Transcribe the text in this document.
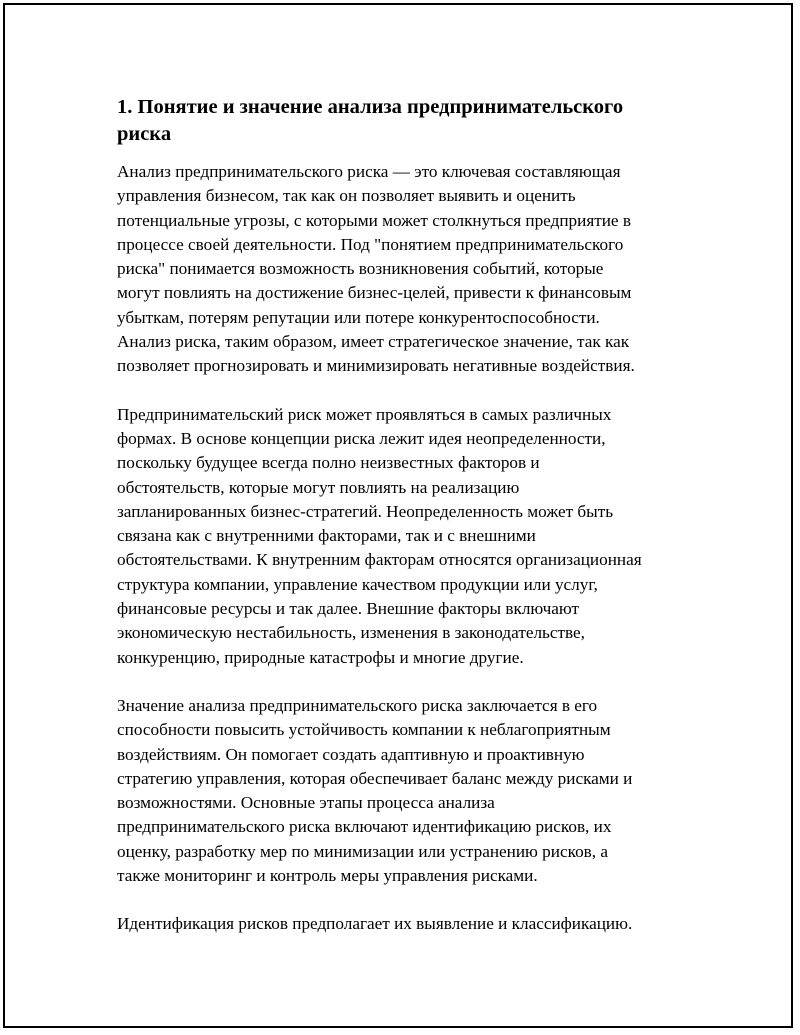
1. Понятие и значение анализа предпринимательского риска

Анализ предпринимательского риска — это ключевая составляющая
управления бизнесом, так как он позволяет выявить и оценить
потенциальные угрозы, с которыми может столкнуться предприятие в
процессе своей деятельности. Под "понятием предпринимательского
риска" понимается возможность возникновения событий, которые
могут повлиять на достижение бизнес-целей, привести к финансовым
убыткам, потерям репутации или потере конкурентоспособности.
Анализ риска, таким образом, имеет стратегическое значение, так как
позволяет прогнозировать и минимизировать негативные воздействия.

Предпринимательский риск может проявляться в самых различных
формах. В основе концепции риска лежит идея неопределенности,
поскольку будущее всегда полно неизвестных факторов и
обстоятельств, которые могут повлиять на реализацию
запланированных бизнес-стратегий. Неопределенность может быть
связана как с внутренними факторами, так и с внешними
обстоятельствами. К внутренним факторам относятся организационная
структура компании, управление качеством продукции или услуг,
финансовые ресурсы и так далее. Внешние факторы включают
экономическую нестабильность, изменения в законодательстве,
конкуренцию, природные катастрофы и многие другие.

Значение анализа предпринимательского риска заключается в его
способности повысить устойчивость компании к неблагоприятным
воздействиям. Он помогает создать адаптивную и проактивную
стратегию управления, которая обеспечивает баланс между рисками и
возможностями. Основные этапы процесса анализа
предпринимательского риска включают идентификацию рисков, их
оценку, разработку мер по минимизации или устранению рисков, а
также мониторинг и контроль меры управления рисками.

Идентификация рисков предполагает их выявление и классификацию.
